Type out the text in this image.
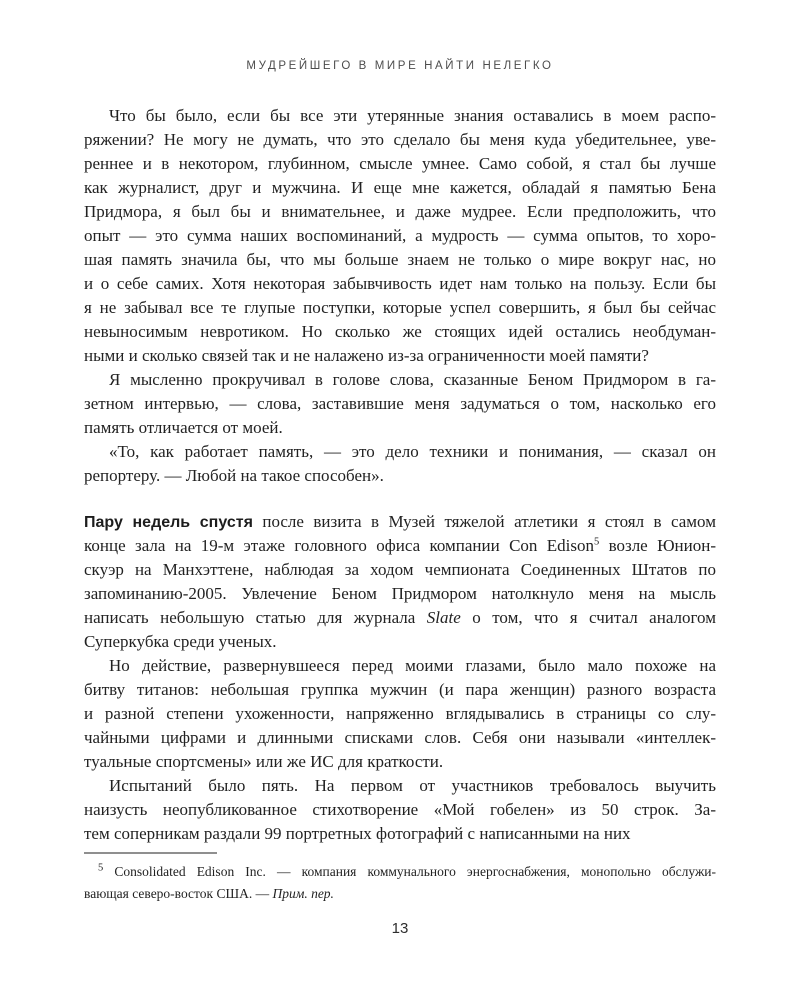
МУДРЕЙШЕГО В МИРЕ НАЙТИ НЕЛЕГКО
Что бы было, если бы все эти утерянные знания оставались в моем распо-
ряжении? Не могу не думать, что это сделало бы меня куда убедительнее, уве-
реннее и в некотором, глубинном, смысле умнее. Само собой, я стал бы лучше
как журналист, друг и мужчина. И еще мне кажется, обладай я памятью Бена
Придмора, я был бы и внимательнее, и даже мудрее. Если предположить, что
опыт — это сумма наших воспоминаний, а мудрость — сумма опытов, то хоро-
шая память значила бы, что мы больше знаем не только о мире вокруг нас, но
и о себе самих. Хотя некоторая забывчивость идет нам только на пользу. Если бы
я не забывал все те глупые поступки, которые успел совершить, я был бы сейчас
невыносимым невротиком. Но сколько же стоящих идей остались необдуман-
ными и сколько связей так и не налажено из-за ограниченности моей памяти?
Я мысленно прокручивал в голове слова, сказанные Беном Придмором в га-
зетном интервью, — слова, заставившие меня задуматься о том, насколько его
память отличается от моей.
«То, как работает память, — это дело техники и понимания, — сказал он
репортеру. — Любой на такое способен».
Пару недель спустя после визита в Музей тяжелой атлетики я стоял в самом
конце зала на 19-м этаже головного офиса компании Con Edison$^5$ возле Юнион-
скуэр на Манхэттене, наблюдая за ходом чемпионата Соединенных Штатов по
запоминанию-2005. Увлечение Беном Придмором натолкнуло меня на мысль
написать небольшую статью для журнала Slate о том, что я считал аналогом
Суперкубка среди ученых.
Но действие, развернувшееся перед моими глазами, было мало похоже на
битву титанов: небольшая группка мужчин (и пара женщин) разного возраста
и разной степени ухоженности, напряженно вглядывались в страницы со слу-
чайными цифрами и длинными списками слов. Себя они называли «интеллек-
туальные спортсмены» или же ИС для краткости.
Испытаний было пять. На первом от участников требовалось выучить
наизусть неопубликованное стихотворение «Мой гобелен» из 50 строк. За-
тем соперникам раздали 99 портретных фотографий с написанными на них
$^5$ Consolidated Edison Inc. — компания коммунального энергоснабжения, монопольно обслужи-
вающая северо-восток США. — Прим. пер.
13
